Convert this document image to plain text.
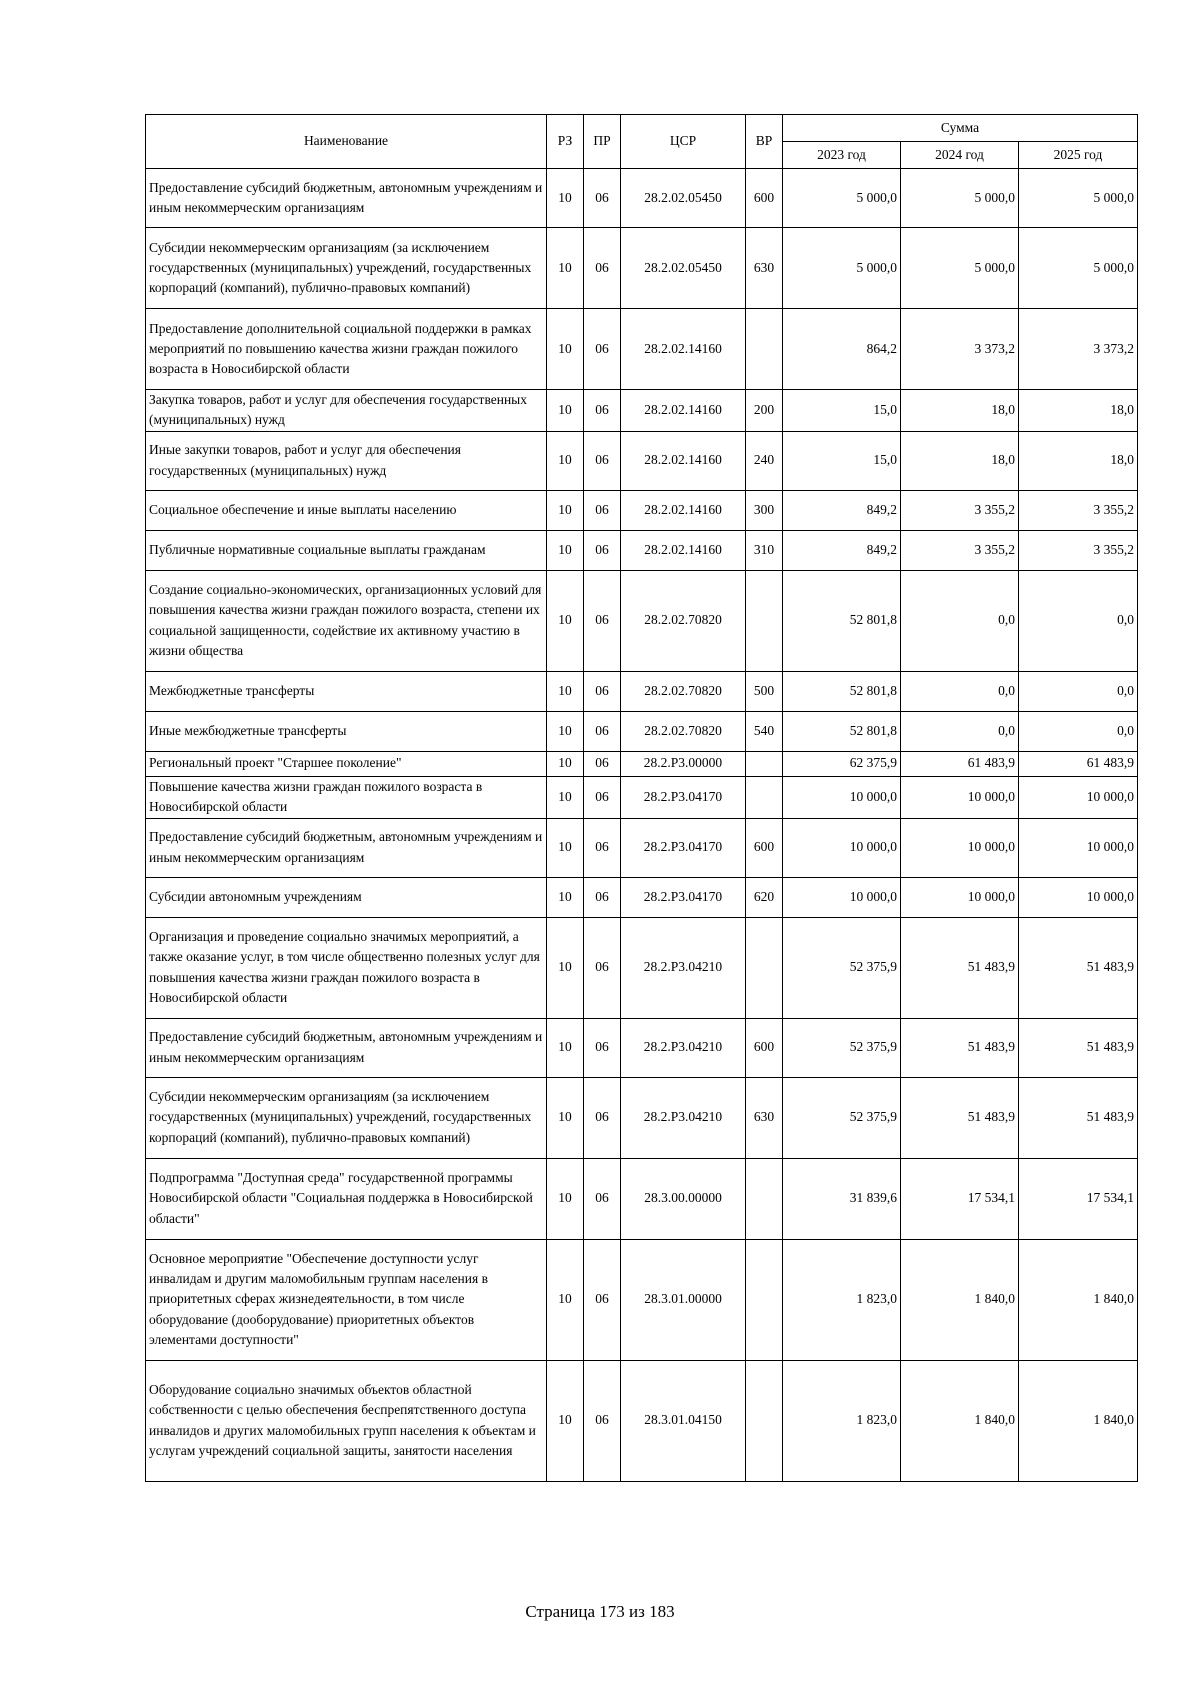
Наименование	РЗ	ПР	ЦСР	ВР	Сумма		
					2023 год	2024 год	2025 год
Предоставление субсидий бюджетным, автономным учреждениям и иным некоммерческим организациям	10	06	28.2.02.05450	600	5 000,0	5 000,0	5 000,0
Субсидии некоммерческим организациям (за исключением государственных (муниципальных) учреждений, государственных корпораций (компаний), публично-правовых компаний)	10	06	28.2.02.05450	630	5 000,0	5 000,0	5 000,0
Предоставление дополнительной социальной поддержки в рамках мероприятий по повышению качества жизни граждан пожилого возраста в Новосибирской области	10	06	28.2.02.14160		864,2	3 373,2	3 373,2
Закупка товаров, работ и услуг для обеспечения государственных (муниципальных) нужд	10	06	28.2.02.14160	200	15,0	18,0	18,0
Иные закупки товаров, работ и услуг для обеспечения государственных (муниципальных) нужд	10	06	28.2.02.14160	240	15,0	18,0	18,0
Социальное обеспечение и иные выплаты населению	10	06	28.2.02.14160	300	849,2	3 355,2	3 355,2
Публичные нормативные социальные выплаты гражданам	10	06	28.2.02.14160	310	849,2	3 355,2	3 355,2
Создание социально-экономических, организационных условий для повышения качества жизни граждан пожилого возраста, степени их социальной защищенности, содействие их активному участию в жизни общества	10	06	28.2.02.70820		52 801,8	0,0	0,0
Межбюджетные трансферты	10	06	28.2.02.70820	500	52 801,8	0,0	0,0
Иные межбюджетные трансферты	10	06	28.2.02.70820	540	52 801,8	0,0	0,0
Региональный проект "Старшее поколение"	10	06	28.2.P3.00000		62 375,9	61 483,9	61 483,9
Повышение качества жизни граждан пожилого возраста в Новосибирской области	10	06	28.2.P3.04170		10 000,0	10 000,0	10 000,0
Предоставление субсидий бюджетным, автономным учреждениям и иным некоммерческим организациям	10	06	28.2.P3.04170	600	10 000,0	10 000,0	10 000,0
Субсидии автономным учреждениям	10	06	28.2.P3.04170	620	10 000,0	10 000,0	10 000,0
Организация и проведение социально значимых мероприятий, а также оказание услуг, в том числе общественно полезных услуг для повышения качества жизни граждан пожилого возраста в Новосибирской области	10	06	28.2.P3.04210		52 375,9	51 483,9	51 483,9
Предоставление субсидий бюджетным, автономным учреждениям и иным некоммерческим организациям	10	06	28.2.P3.04210	600	52 375,9	51 483,9	51 483,9
Субсидии некоммерческим организациям (за исключением государственных (муниципальных) учреждений, государственных корпораций (компаний), публично-правовых компаний)	10	06	28.2.P3.04210	630	52 375,9	51 483,9	51 483,9
Подпрограмма "Доступная среда" государственной программы Новосибирской области "Социальная поддержка в Новосибирской области"	10	06	28.3.00.00000		31 839,6	17 534,1	17 534,1
Основное мероприятие "Обеспечение доступности услуг инвалидам и другим маломобильным группам населения в приоритетных сферах жизнедеятельности, в том числе оборудование (дооборудование) приоритетных объектов элементами доступности"	10	06	28.3.01.00000		1 823,0	1 840,0	1 840,0
Оборудование социально значимых объектов областной собственности с целью обеспечения беспрепятственного доступа инвалидов и других маломобильных групп населения к объектам и услугам учреждений социальной защиты, занятости населения	10	06	28.3.01.04150		1 823,0	1 840,0	1 840,0
Страница 173 из 183
